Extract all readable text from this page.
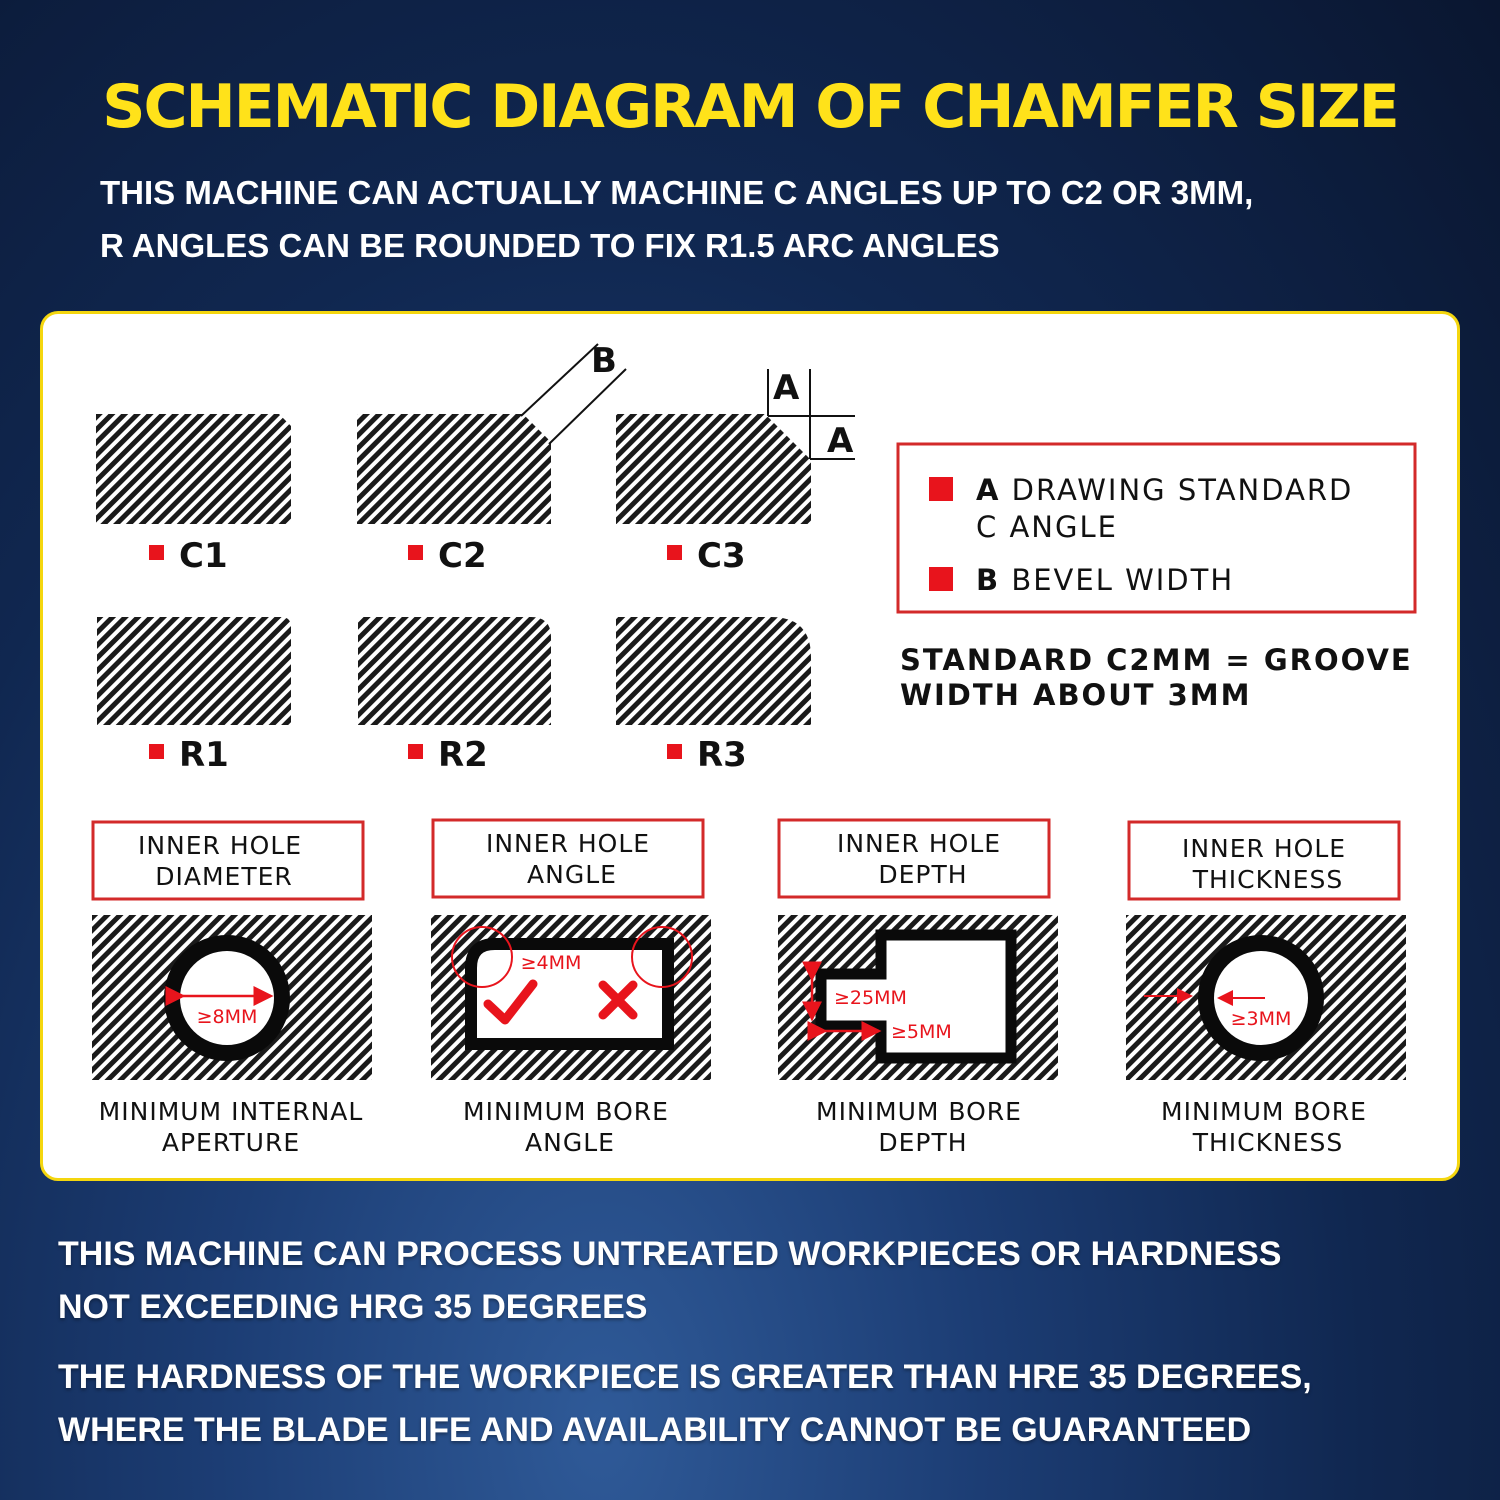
SCHEMATIC DIAGRAM OF CHAMFER SIZE
THIS MACHINE CAN ACTUALLY MACHINE C ANGLES UP TO C2 OR 3MM,
R ANGLES CAN BE ROUNDED TO FIX R1.5 ARC ANGLES
B
A
A
C1	C2	C3
R1	R2	R3
A DRAWING STANDARD
C ANGLE
B BEVEL WIDTH
STANDARD C2MM = GROOVE
WIDTH ABOUT 3MM
INNER HOLE
DIAMETER
≥8MM
MINIMUM INTERNAL
APERTURE
INNER HOLE
ANGLE
≥4MM
MINIMUM BORE
ANGLE
INNER HOLE
DEPTH
≥25MM
≥5MM
MINIMUM BORE
DEPTH
INNER HOLE
THICKNESS
≥3MM
MINIMUM BORE
THICKNESS
THIS MACHINE CAN PROCESS UNTREATED WORKPIECES OR HARDNESS
NOT EXCEEDING HRG 35 DEGREES
THE HARDNESS OF THE WORKPIECE IS GREATER THAN HRE 35 DEGREES,
WHERE THE BLADE LIFE AND AVAILABILITY CANNOT BE GUARANTEED
